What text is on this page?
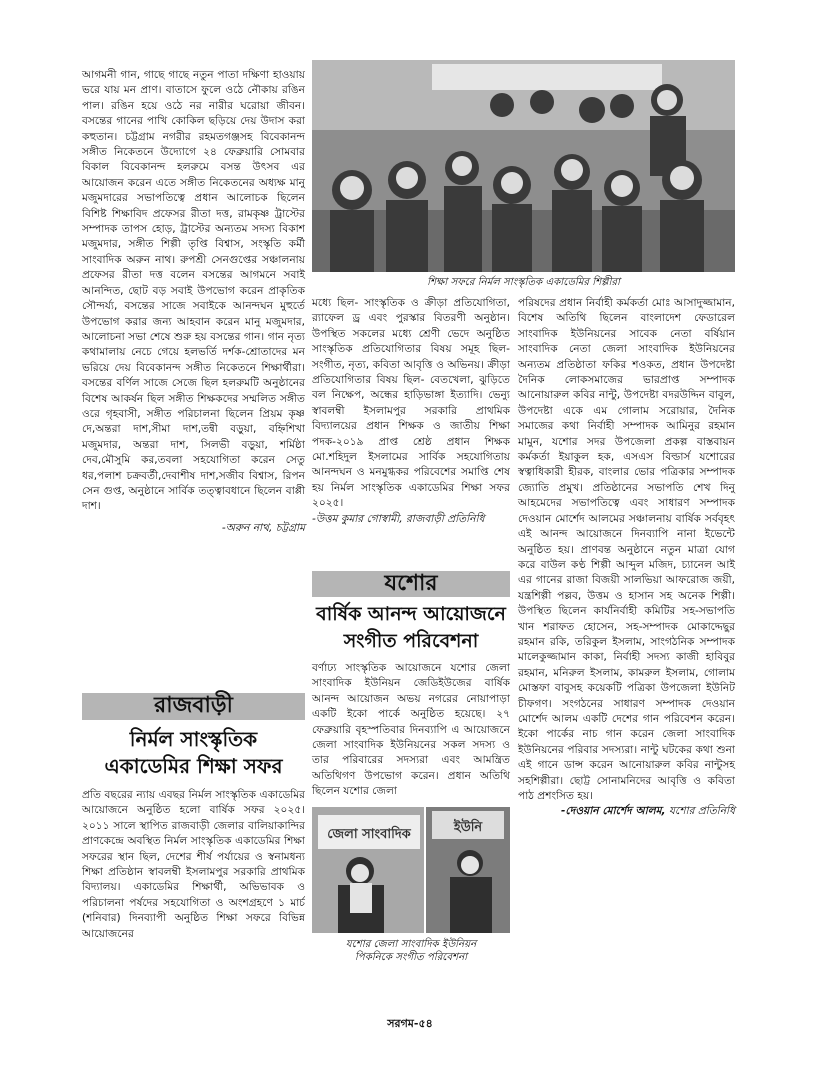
আগমনী গান, গাছে গাছে নতুন পাতা দক্ষিণা হাওয়ায় ভরে যায় মন প্রাণ। বাতাসে ফুলে ওঠে নৌকায় রঙিন পাল। রঙিন হয়ে ওঠে নর নারীর ঘরোয়া জীবন। বসন্তের গানের পাখি কোকিল ছড়িয়ে দেয় উদাস করা কহুতান। চট্টগ্রাম নগরীর রহমতগঞ্জসহ বিবেকানন্দ সঙ্গীত নিকেতনে উদ্যোগে ২৪ ফেব্রুয়ারি সোমবার বিকাল বিবেকানন্দ হলরুমে বসন্ত উৎসব এর আয়োজন করেন এতে সঙ্গীত নিকেতনের অধ্যক্ষ মানু মজুমদারের সভাপতিত্বে প্রধান আলোচক ছিলেন বিশিষ্ট শিক্ষাবিদ প্রফেসর রীতা দত্ত, রামকৃষ্ণ ট্রাস্টের সম্পাদক তাপস হোড়, ট্রাস্টের অন্যতম সদস্য বিকাশ মজুমদার, সঙ্গীত শিল্পী তৃপ্তি বিশ্বাস, সংস্কৃতি কর্মী সাংবাদিক অরুন নাথ। রুপশ্রী সেনগুপ্তের সঞ্চালনায় প্রফেসর রীতা দত্ত বলেন বসন্তের আগমনে সবাই আনন্দিত, ছোট বড় সবাই উপভোগ করেন প্রাকৃতিক সৌন্দর্য্য, বসন্তের সাজে সবাইকে আনন্দঘন মুহুর্তে উপভোগ করার জন্য আহবান করেন মানু মজুমদার, আলোচনা সভা শেষে শুরু হয় বসন্তের গান। গান নৃত্য কথামালায় নেচে গেয়ে হলভর্তি দর্শক-শ্রোতাদের মন ভরিয়ে দেয় বিবেকানন্দ সঙ্গীত নিকেতনে শিক্ষার্থীরা। বসন্তের বর্ণিল সাজে সেজে ছিল হলরুমটি অনুষ্ঠানের বিশেষ আকর্ষন ছিল সঙ্গীত শিক্ষকদের সম্মলিত সঙ্গীত ওরে গৃহবাসী, সঙ্গীত পরিচালনা ছিলেন প্রিয়ম কৃষ্ণ দে,অন্তরা দাশ,সীমা দাশ,তন্বী বড়ুয়া, বহ্নিশিখা মজুমদার, অন্তরা দাশ, সিলভী বড়ুয়া, শর্মিষ্ঠা দেব,মৌসুমি কর,তবলা সহযোগিতা করেন সেতু ধর,পলাশ চক্রবর্তী,দেবাশীষ দাশ,সজীব বিশ্বাস, রিপন সেন গুপ্ত, অনুষ্ঠানে সার্বিক তত্ত্বাবধানে ছিলেন বাপ্পী দাশ।

-অরুন নাথ, চট্টগ্রাম
রাজবাড়ী
নির্মল সাংস্কৃতিক
একাডেমির শিক্ষা সফর

প্রতি বছরের ন্যায় এবছর নির্মল সাংস্কৃতিক একাডেমির আয়োজনে অনুষ্ঠিত হলো বার্ষিক সফর ২০২৫। ২০১১ সালে স্থাপিত রাজবাড়ী জেলার বালিয়াকান্দির প্রাণকেন্দ্রে অবস্থিত নির্মল সাংস্কৃতিক একাডেমির শিক্ষা সফরের স্থান ছিল, দেশের শীর্ষ পর্যায়ের ও স্বনামধন্য শিক্ষা প্রতিষ্ঠান স্বাবলম্বী ইসলামপুর সরকারি প্রাথমিক বিদ্যালয়। একাডেমির শিক্ষার্থী, অভিভাবক ও পরিচালনা পর্ষদের সহযোগিতা ও অংশগ্রহণে ১ মার্চ (শনিবার) দিনব্যাপী অনুষ্ঠিত শিক্ষা সফরে বিভিন্ন আয়োজনের

শিক্ষা সফরে নির্মল সাংস্কৃতিক একাডেমির শিল্পীরা

মধ্যে ছিল- সাংস্কৃতিক ও ক্রীড়া প্রতিযোগিতা, র‍্যাফেল ড্র এবং পুরস্কার বিতরণী অনুষ্ঠান। উপস্থিত সকলের মধ্যে শ্রেণী ভেদে অনুষ্ঠিত সাংস্কৃতিক প্রতিযোগিতার বিষয় সমূহ ছিল- সংগীত, নৃত্য, কবিতা আবৃত্তি ও অভিনয়। ক্রীড়া প্রতিযোগিতার বিষয় ছিল- বেতখেলা, ঝুড়িতে বল নিক্ষেপ, অন্ধের হাড়িভাঙ্গা ইত্যাদি। ভেন্যু স্বাবলম্বী ইসলামপুর সরকারি প্রাথমিক বিদ্যালয়ের প্রধান শিক্ষক ও জাতীয় শিক্ষা পদক-২০১৯ প্রাপ্ত শ্রেষ্ঠ প্রধান শিক্ষক মো.শহিদুল ইসলামের সার্বিক সহযোগিতায় আনন্দঘন ও মনমুগ্ধকর পরিবেশের সমাপ্তি শেষ হয় নির্মল সাংস্কৃতিক একাডেমির শিক্ষা সফর ২০২৫।

-উত্তম কুমার গোস্বামী, রাজবাড়ী প্রতিনিধি
যশোর
বার্ষিক আনন্দ আয়োজনে
সংগীত পরিবেশনা

বর্ণাঢ্য সাংস্কৃতিক আয়োজনে যশোর জেলা সাংবাদিক ইউনিয়ন জেডিইউজের বার্ষিক আনন্দ আয়োজন অভয় নগরের নোয়াপাড়া একটি ইকো পার্কে অনুষ্ঠিত হয়েছে। ২৭ ফেব্রুয়ারি বৃহস্পতিবার দিনব্যাপি এ আয়োজনে জেলা সাংবাদিক ইউনিয়নের সকল সদস্য ও তার পরিবারের সদস্যরা এবং আমন্ত্রিত অতিথিগণ উপভোগ করেন। প্রধান অতিথি ছিলেন যশোর জেলা

জেলা সাংবাদিক	ইউনি
যশোর জেলা সাংবাদিক ইউনিয়ন
পিকনিকে সংগীত পরিবেশনা

পরিষদের প্রধান নির্বাহী কর্মকর্তা মোঃ আসাদুজ্জামান, বিশেষ অতিথি ছিলেন বাংলাদেশ ফেডারেল সাংবাদিক ইউনিয়নের সাবেক নেতা বর্ষিয়ান সাংবাদিক নেতা জেলা সাংবাদিক ইউনিয়নের অন্যতম প্রতিষ্ঠাতা ফকির শওকত, প্রধান উপদেষ্টা দৈনিক লোকসমাজের ভারপ্রাপ্ত সম্পাদক আনোয়ারুল কবির নান্টু, উপদেষ্টা বদরউদ্দিন বাবুল, উপদেষ্টা একে এম গোলাম সরোয়ার, দৈনিক সমাজের কথা নির্বাহী সম্পাদক আমিনুর রহমান মামুন, যশোর সদর উপজেলা প্রকল্প বাস্তবায়ন কর্মকর্তা ইয়াকুল হক, এসএস বিল্ডার্স যশোরের স্বত্বাধিকারী হীরক, বাংলার ভোর পত্রিকার সম্পাদক জ্যোতি প্রমুখ। প্রতিষ্ঠানের সভাপতি শেখ দিনু আহমেদের সভাপতিত্বে এবং সাধারণ সম্পাদক দেওয়ান মোর্শেদ আলমের সঞ্চালনায় বার্ষিক সর্ববৃহৎ এই আনন্দ আয়োজনে দিনব্যাপি নানা ইভেন্টে অনুষ্ঠিত হয়। প্রাণবন্ত অনুষ্ঠানে নতুন মাত্রা যোগ করে বাউল কণ্ঠ শিল্পী আব্দুল মজিদ, চ্যানেল আই এর গানের রাজা বিজয়ী সালভিয়া আফরোজ জয়ী, যন্ত্রশিল্পী পল্লব, উত্তম ও হাসান সহ অনেক শিল্পী। উপস্থিত ছিলেন কার্যনির্বাহী কমিটির সহ-সভাপতি খান শরাফত হোসেন, সহ-সম্পাদক মোকাদ্দেছুর রহমান রকি, তরিকুল ইসলাম, সাংগঠনিক সম্পাদক মালেকুজ্জামান কাকা, নির্বাহী সদস্য কাজী হাবিবুর রহমান, মনিরুল ইসলাম, কামরুল ইসলাম, গোলাম মোস্তফা বাবুসহ কয়েকটি পত্রিকা উপজেলা ইউনিট চীফগণ। সংগঠনের সাধারণ সম্পাদক দেওয়ান মোর্শেদ আলম একটি দেশের গান পরিবেশন করেন। ইকো পার্কের নাচ গান করেন জেলা সাংবাদিক ইউনিয়নের পরিবার সদস্যরা। নান্টু ঘটকের কথা শুনা এই গানে ডান্স করেন আনোয়ারুল কবির নান্টুসহ সহশিল্পীরা। ছোট্ট সোনামনিদের আবৃত্তি ও কবিতা পাঠ প্রশংসিত হয়।

-দেওয়ান মোর্শেদ আলম, যশোর প্রতিনিধি
সরগম-৫৪
